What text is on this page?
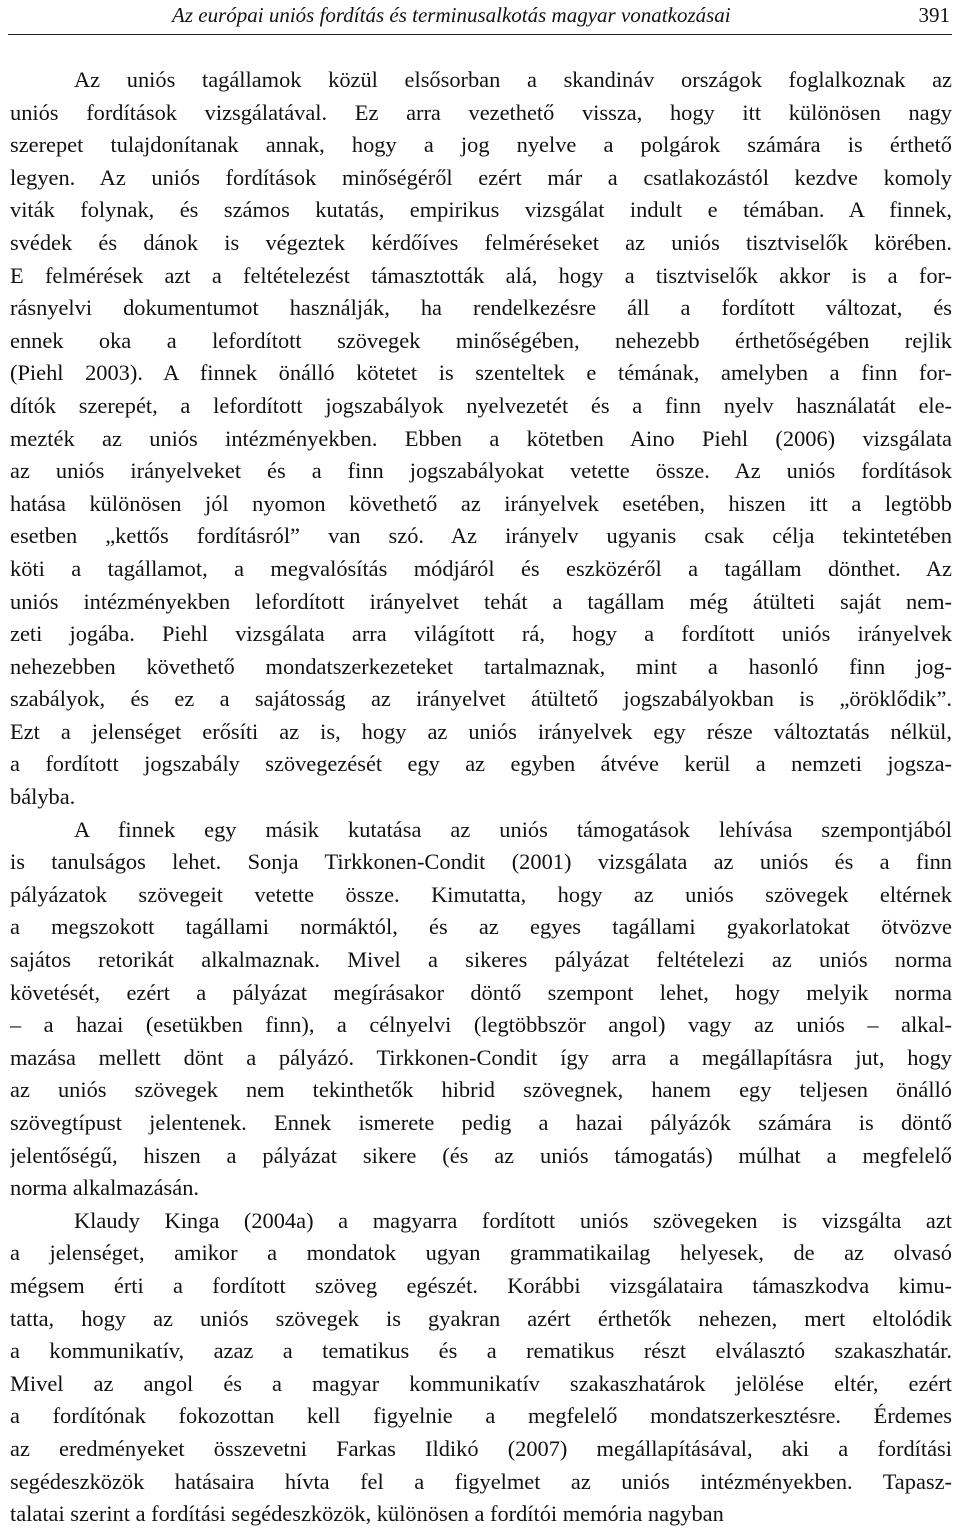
Az európai uniós fordítás és terminusalkotás magyar vonatkozásai	391
Az uniós tagállamok közül elsősorban a skandináv országok foglalkoznak az
uniós fordítások vizsgálatával. Ez arra vezethető vissza, hogy itt különösen nagy
szerepet tulajdonítanak annak, hogy a jog nyelve a polgárok számára is érthető
legyen. Az uniós fordítások minőségéről ezért már a csatlakozástól kezdve komoly
viták folynak, és számos kutatás, empirikus vizsgálat indult e témában. A finnek,
svédek és dánok is végeztek kérdőíves felméréseket az uniós tisztviselők körében.
E felmérések azt a feltételezést támasztották alá, hogy a tisztviselők akkor is a for-
rásnyelvi dokumentumot használják, ha rendelkezésre áll a fordított változat, és
ennek oka a lefordított szövegek minőségében, nehezebb érthetőségében rejlik
(Piehl 2003). A finnek önálló kötetet is szenteltek e témának, amelyben a finn for-
dítók szerepét, a lefordított jogszabályok nyelvezetét és a finn nyelv használatát ele-
mezték az uniós intézményekben. Ebben a kötetben Aino Piehl (2006) vizsgálata
az uniós irányelveket és a finn jogszabályokat vetette össze. Az uniós fordítások
hatása különösen jól nyomon követhető az irányelvek esetében, hiszen itt a legtöbb
esetben „kettős fordításról” van szó. Az irányelv ugyanis csak célja tekintetében
köti a tagállamot, a megvalósítás módjáról és eszközéről a tagállam dönthet. Az
uniós intézményekben lefordított irányelvet tehát a tagállam még átülteti saját nem-
zeti jogába. Piehl vizsgálata arra világított rá, hogy a fordított uniós irányelvek
nehezebben követhető mondatszerkezeteket tartalmaznak, mint a hasonló finn jog-
szabályok, és ez a sajátosság az irányelvet átültető jogszabályokban is „öröklődik”.
Ezt a jelenséget erősíti az is, hogy az uniós irányelvek egy része változtatás nélkül,
a fordított jogszabály szövegezését egy az egyben átvéve kerül a nemzeti jogsza-
bályba.
A finnek egy másik kutatása az uniós támogatások lehívása szempontjából
is tanulságos lehet. Sonja Tirkkonen-Condit (2001) vizsgálata az uniós és a finn
pályázatok szövegeit vetette össze. Kimutatta, hogy az uniós szövegek eltérnek
a megszokott tagállami normáktól, és az egyes tagállami gyakorlatokat ötvözve
sajátos retorikát alkalmaznak. Mivel a sikeres pályázat feltételezi az uniós norma
követését, ezért a pályázat megírásakor döntő szempont lehet, hogy melyik norma
– a hazai (esetükben finn), a célnyelvi (legtöbbször angol) vagy az uniós – alkal-
mazása mellett dönt a pályázó. Tirkkonen-Condit így arra a megállapításra jut, hogy
az uniós szövegek nem tekinthetők hibrid szövegnek, hanem egy teljesen önálló
szövegtípust jelentenek. Ennek ismerete pedig a hazai pályázók számára is döntő
jelentőségű, hiszen a pályázat sikere (és az uniós támogatás) múlhat a megfelelő
norma alkalmazásán.
Klaudy Kinga (2004a) a magyarra fordított uniós szövegeken is vizsgálta azt
a jelenséget, amikor a mondatok ugyan grammatikailag helyesek, de az olvasó
mégsem érti a fordított szöveg egészét. Korábbi vizsgálataira támaszkodva kimu-
tatta, hogy az uniós szövegek is gyakran azért érthetők nehezen, mert eltolódik
a kommunikatív, azaz a tematikus és a rematikus részt elválasztó szakaszhatár.
Mivel az angol és a magyar kommunikatív szakaszhatárok jelölése eltér, ezért
a fordítónak fokozottan kell figyelnie a megfelelő mondatszerkesztésre. Érdemes
az eredményeket összevetni Farkas Ildikó (2007) megállapításával, aki a fordítási
segédeszközök hatásaira hívta fel a figyelmet az uniós intézményekben. Tapasz-
talatai szerint a fordítási segédeszközök, különösen a fordítói memória nagyban
